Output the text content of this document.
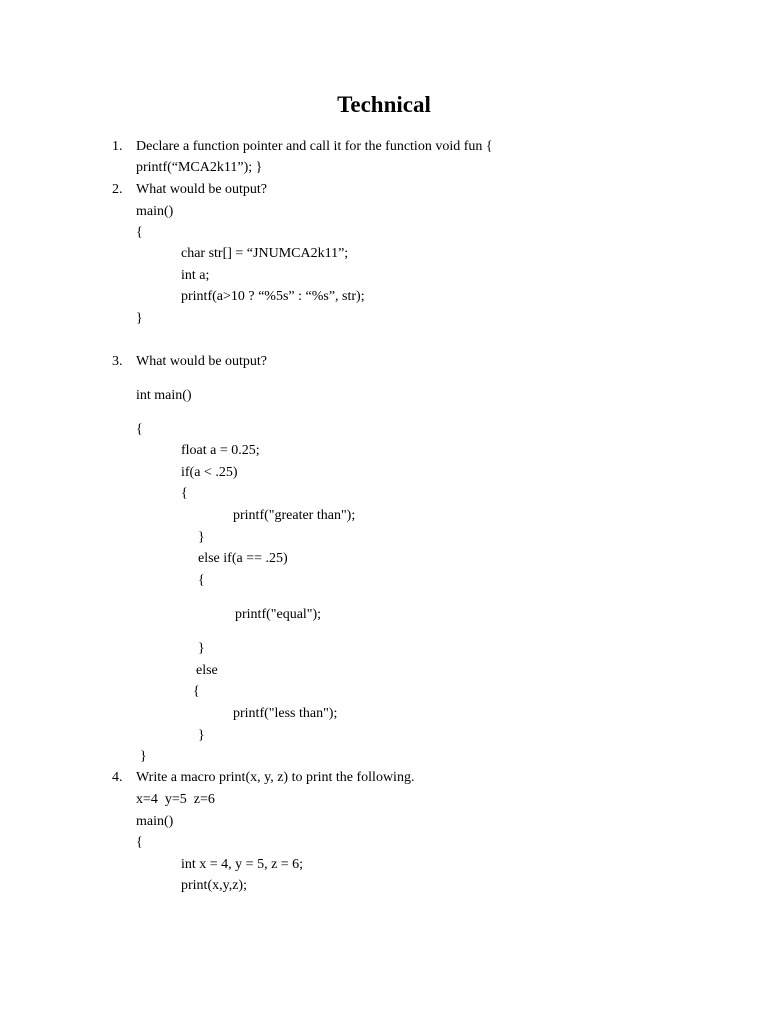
Technical
1. Declare a function pointer and call it for the function void fun {
printf(“MCA2k11”); }
2. What would be output?
main()
{
char str[] = “JNUMCA2k11”;
int a;
printf(a>10 ? “%5s” : “%s”, str);
}
3. What would be output?
int main()
{
float a = 0.25;
if(a < .25)
{
printf("greater than");
}
else if(a == .25)
{
printf("equal");
}
else
{
printf("less than");
}
}
4. Write a macro print(x, y, z) to print the following.
x=4  y=5  z=6
main()
{
int x = 4, y = 5, z = 6;
print(x,y,z);
